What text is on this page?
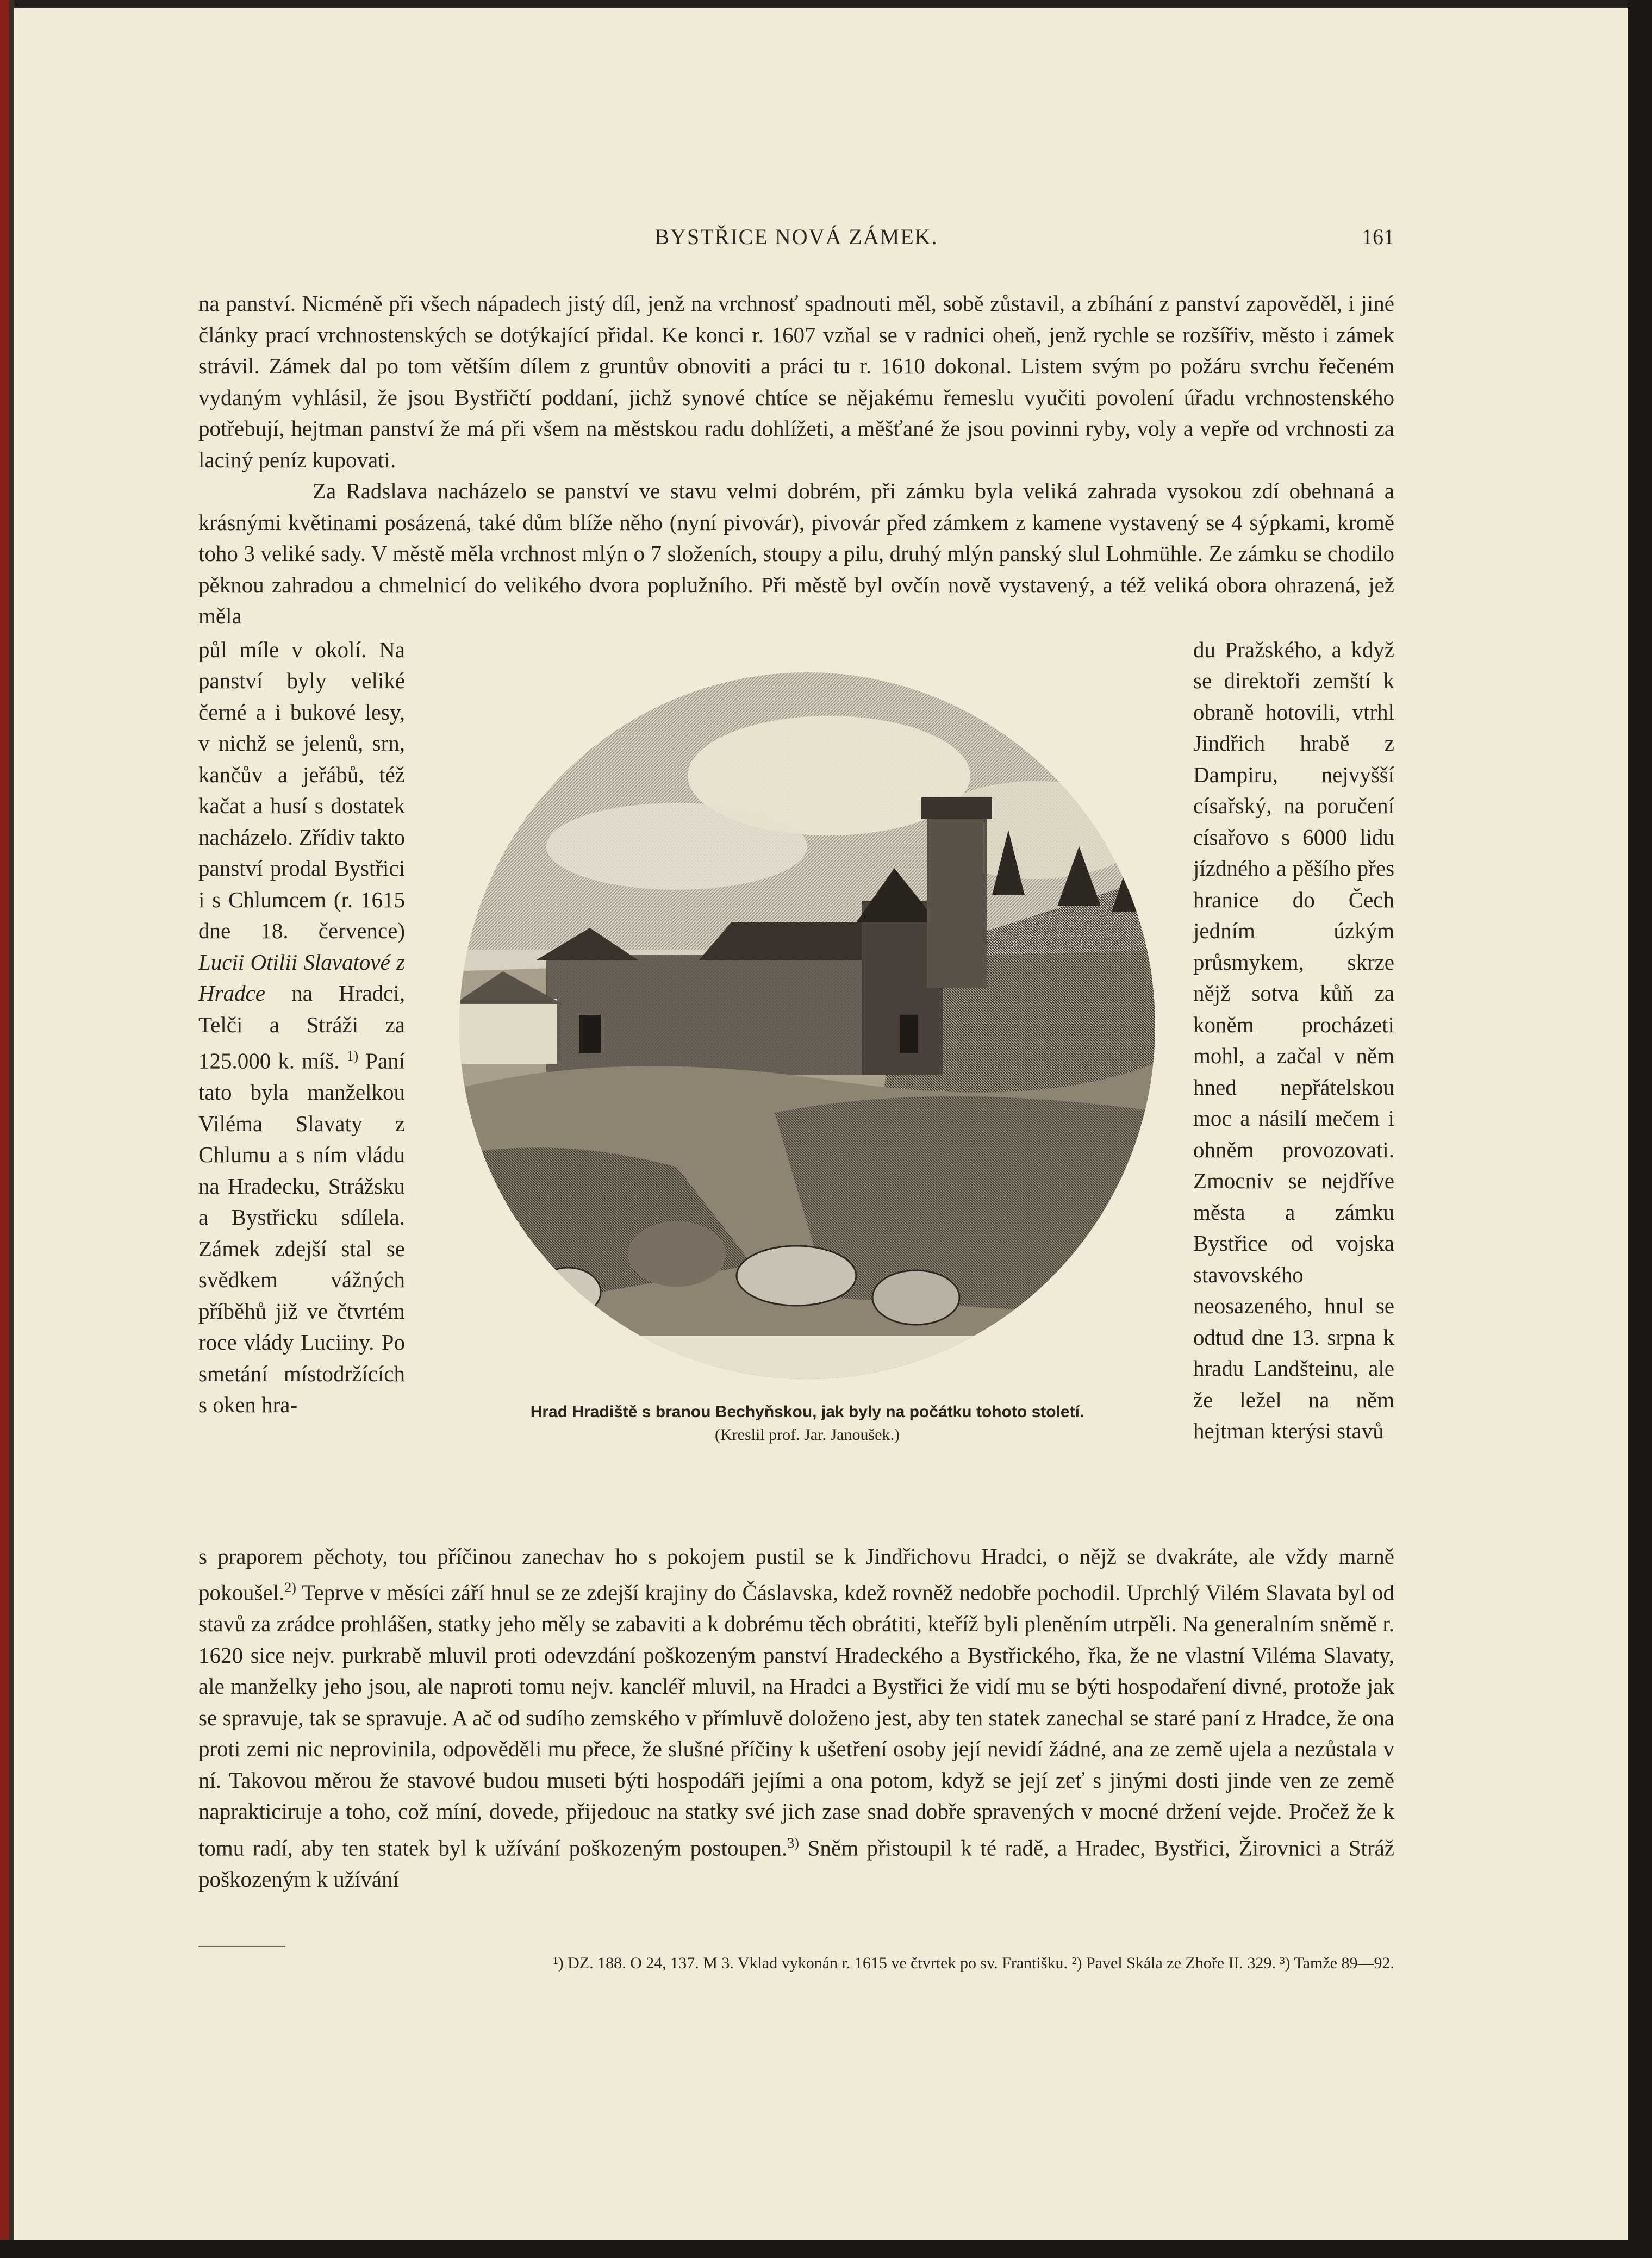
BYSTŘICE NOVÁ ZÁMEK.	161

na panství. Nicméně při všech nápadech jistý díl, jenž na vrchnosť spadnouti měl, sobě zůstavil, a zbíhání z panství zapověděl, i jiné články prací vrchnostenských se dotýkající přidal. Ke konci r. 1607 vzňal se v radnici oheň, jenž rychle se rozšířiv, město i zámek strávil. Zámek dal po tom větším dílem z gruntův obnoviti a práci tu r. 1610 dokonal. Listem svým po požáru svrchu řečeném vydaným vyhlásil, že jsou Bystřičtí poddaní, jichž synové chtíce se nějakému řemeslu vyučiti povolení úřadu vrchnostenského potřebují, hejtman panství že má při všem na městskou radu dohlížeti, a měšťané že jsou povinni ryby, voly a vepře od vrchnosti za laciný peníz kupovati.

Za Radslava nacházelo se panství ve stavu velmi dobrém, při zámku byla veliká zahrada vysokou zdí obehnaná a krásnými květinami posázená, také dům blíže něho (nyní pivovár), pivovár před zámkem z kamene vystavený se 4 sýpkami, kromě toho 3 veliké sady. V městě měla vrchnost mlýn o 7 složeních, stoupy a pilu, druhý mlýn panský slul Lohmühle. Ze zámku se chodilo pěknou zahradou a chmelnicí do velikého dvora poplužního. Při městě byl ovčín nově vystavený, a též veliká obora ohrazená, jež měla

půl míle v okolí. Na panství byly veliké černé a i bukové lesy, v nichž se jelenů, srn, kančův a jeřábů, též kačat a husí s dostatek nacházelo. Zřídiv takto panství prodal Bystřici i s Chlumcem (r. 1615 dne 18. července) Lucii Otilii Slavatové z Hradce na Hradci, Telči a Stráži za 125.000 k. míš. $^{1)}$ Paní tato byla manželkou Viléma Slavaty z Chlumu a s ním vládu na Hradecku, Strážsku a Bystřicku sdílela. Zámek zdejší stal se svědkem vážných příběhů již ve čtvrtém roce vlády Luciiny. Po smetání místodržících s oken hra-	Hrad Hradiště s branou Bechyňskou, jak byly na počátku tohoto století.
(Kreslil prof. Jar. Janoušek.)
du Pražského, a když se direktoři zemští k obraně hotovili, vtrhl Jindřich hrabě z Dampiru, nejvyšší císařský, na poručení císařovo s 6000 lidu jízdného a pěšího přes hranice do Čech jedním úzkým průsmykem, skrze nějž sotva kůň za koněm procházeti mohl, a začal v něm hned nepřátelskou moc a násilí mečem i ohněm provozovati. Zmocniv se nejdříve města a zámku Bystřice od vojska stavovského neosazeného, hnul se odtud dne 13. srpna k hradu Landšteinu, ale že ležel na něm hejtman kterýsi stavů

s praporem pěchoty, tou příčinou zanechav ho s pokojem pustil se k Jindřichovu Hradci, o nějž se dvakráte, ale vždy marně pokoušel.$^{2)}$ Teprve v měsíci září hnul se ze zdejší krajiny do Čáslavska, kdež rovněž nedobře pochodil. Uprchlý Vilém Slavata byl od stavů za zrádce prohlášen, statky jeho měly se zabaviti a k dobrému těch obrátiti, kteříž byli pleněním utrpěli. Na generalním sněmě r. 1620 sice nejv. purkrabě mluvil proti odevzdání poškozeným panství Hradeckého a Bystřického, řka, že ne vlastní Viléma Slavaty, ale manželky jeho jsou, ale naproti tomu nejv. kancléř mluvil, na Hradci a Bystřici že vidí mu se býti hospodaření divné, protože jak se spravuje, tak se spravuje. A ač od sudího zemského v přímluvě doloženo jest, aby ten statek zanechal se staré paní z Hradce, že ona proti zemi nic neprovinila, odpověděli mu přece, že slušné příčiny k ušetření osoby její nevidí žádné, ana ze země ujela a nezůstala v ní. Takovou měrou že stavové budou museti býti hospodáři jejími a ona potom, když se její zeť s jinými dosti jinde ven ze země naprakticiruje a toho, což míní, dovede, přijedouc na statky své jich zase snad dobře spravených v mocné držení vejde. Pročež že k tomu radí, aby ten statek byl k užívání poškozeným postoupen.$^{3)}$ Sněm přistoupil k té radě, a Hradec, Bystřici, Žirovnici a Stráž poškozeným k užívání

¹) DZ. 188. O 24, 137. M 3. Vklad vykonán r. 1615 ve čtvrtek po sv. Františku. ²) Pavel Skála ze Zhoře II. 329. ³) Tamže 89—92.
